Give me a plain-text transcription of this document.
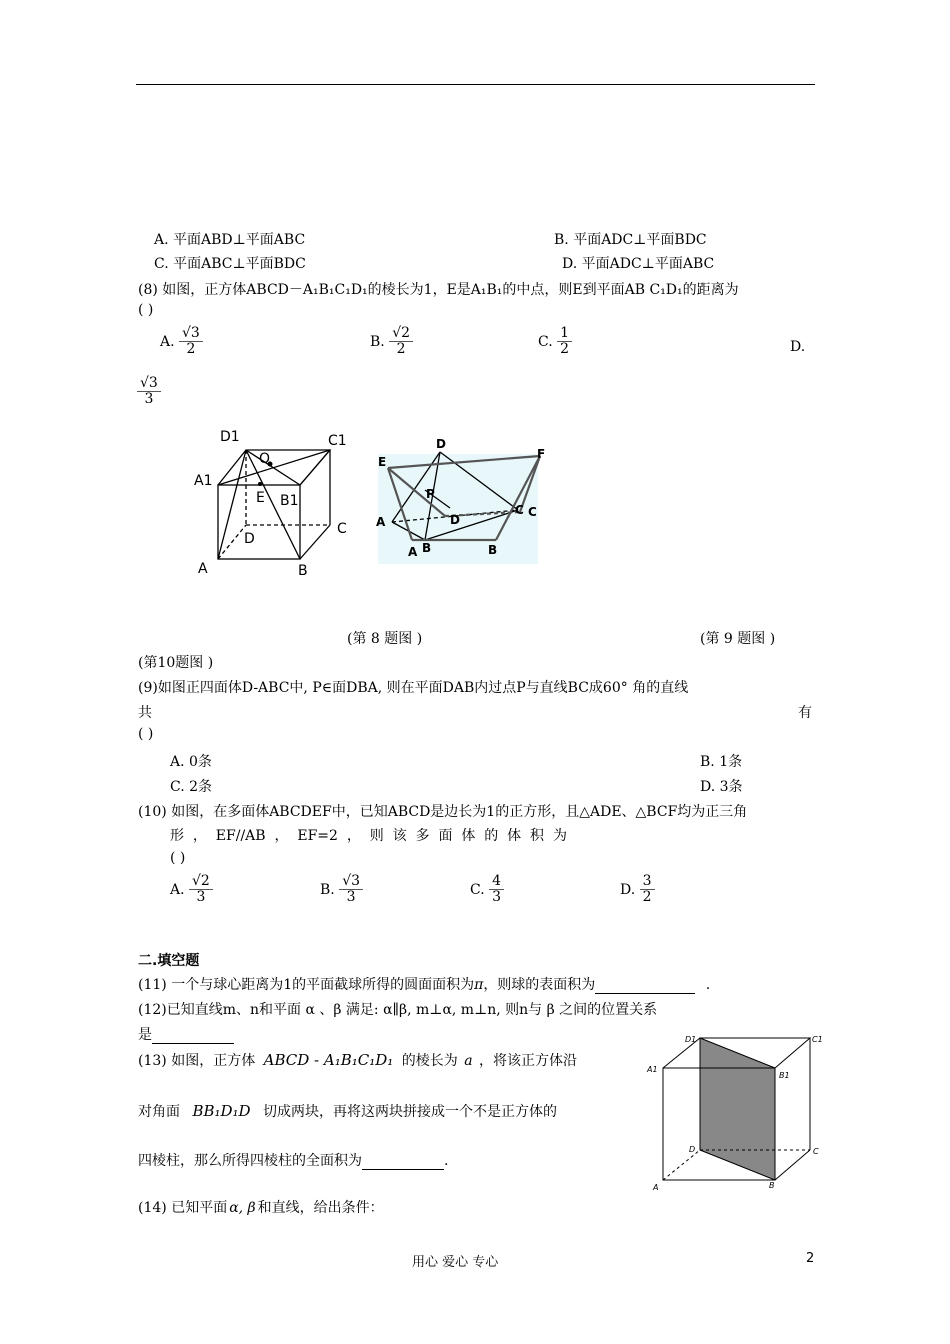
A. 平面ABD⊥平面ABC	B. 平面ADC⊥平面BDC
C. 平面ABC⊥平面BDC	D. 平面ADC⊥平面ABC
(8) 如图，正方体ABCD－A₁B₁C₁D₁的棱长为1，E是A₁B₁的中点，则E到平面AB C₁D₁的距离为
( )
A. $\frac{√3}{2}$	B. $\frac{√2}{2}$	C. $\frac{1}{2}$	D.
$\frac{√3}{3}$
D1	C1
A1
O
E B1
C
D
A	B
D
E
F
P
D
A
C C
A B	B
(第 8 题图 )	(第 9 题图 )
(第10题图 )
(9)如图正四面体D-ABC中, P∈面DBA, 则在平面DAB内过点P与直线BC成60° 角的直线
共	有
( )
A. 0条	B. 1条
C. 2条	D. 3条
(10) 如图，在多面体ABCDEF中，已知ABCD是边长为1的正方形，且△ADE、△BCF均为正三角
形  ，  EF//AB  ，  EF=2  ，  则  该  多  面  体  的  体  积  为
( )
A. $\frac{√2}{3}$	B. $\frac{√3}{3}$	C. $\frac{4}{3}$	D. $\frac{3}{2}$
二.填空题
(11) 一个与球心距离为1的平面截球所得的圆面面积为π，则球的表面积为	.
(12)已知直线m、n和平面 α 、β 满足: α∥β, m⊥α, m⊥n, 则n与 β 之间的位置关系
是
(13) 如图，正方体 ABCD - A₁B₁C₁D₁ 的棱长为 a ，将该正方体沿
对角面 BB₁D₁D 切成两块，再将这两块拼接成一个不是正方体的
四棱柱，那么所得四棱柱的全面积为	.
D1	C1
A1
B1
D	C
A	B
(14) 已知平面 α, β 和直线，给出条件：
用心 爱心 专心	2
